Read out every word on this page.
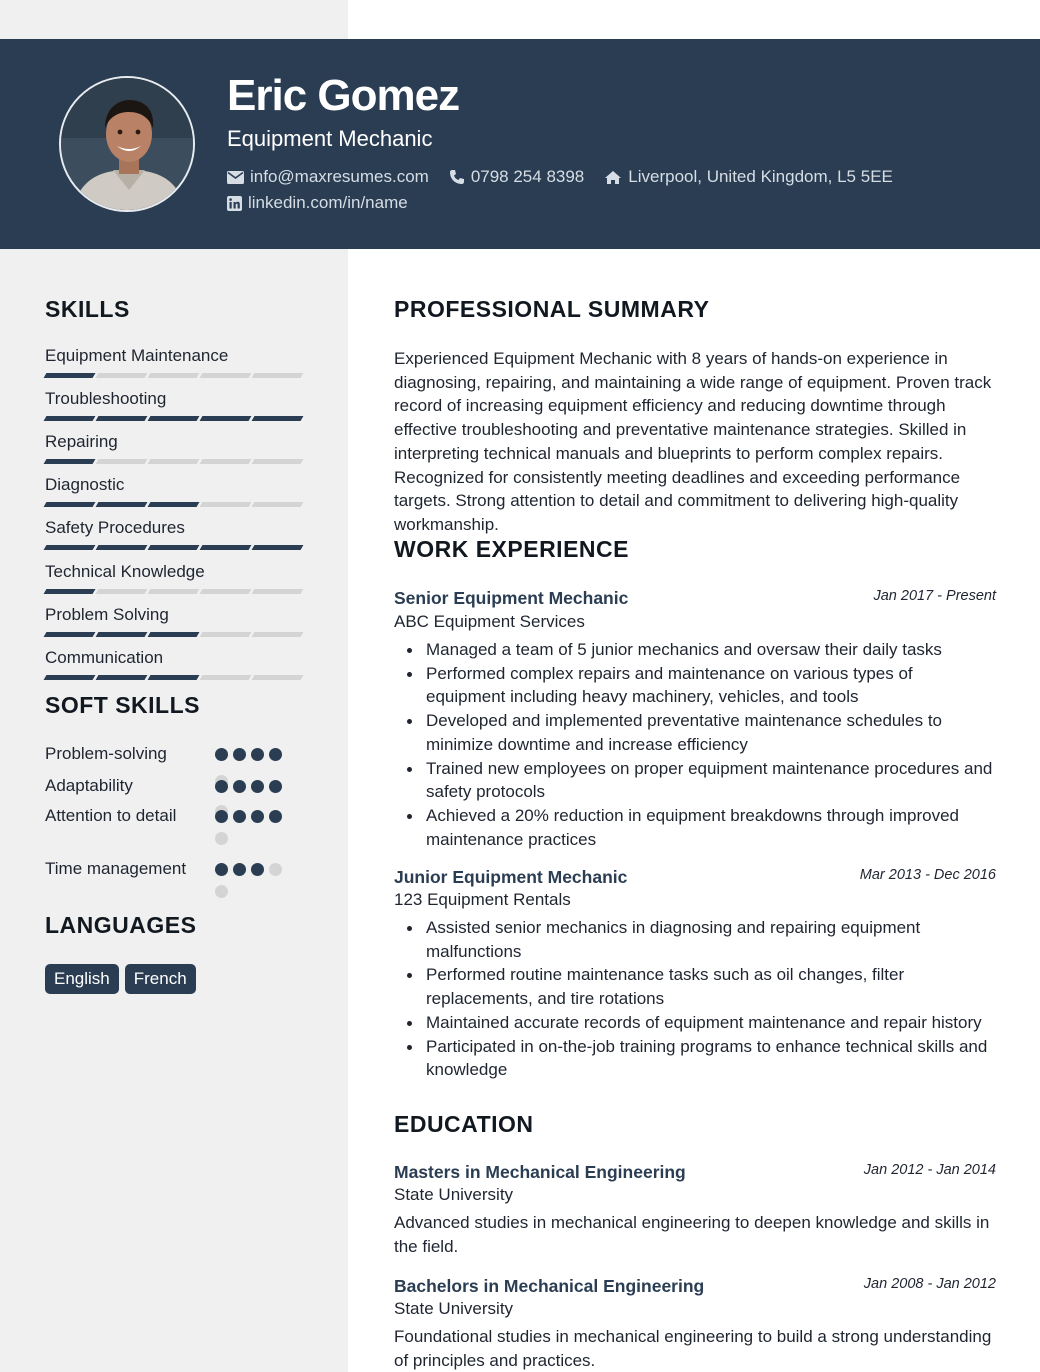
Eric Gomez
Equipment Mechanic
info@maxresumes.com 0798 254 8398	Liverpool, United Kingdom, L5 5EE
linkedin.com/in/name
SKILLS
Equipment Maintenance
Troubleshooting
Repairing
Diagnostic
Safety Procedures
Technical Knowledge
Problem Solving
Communication
SOFT SKILLS
Problem-solving
Adaptability
Attention to detail
Time management
LANGUAGES
English	French
PROFESSIONAL SUMMARY
Experienced Equipment Mechanic with 8 years of hands-on experience in diagnosing, repairing, and maintaining a wide range of equipment. Proven track record of increasing equipment efficiency and reducing downtime through effective troubleshooting and preventative maintenance strategies. Skilled in interpreting technical manuals and blueprints to perform complex repairs. Recognized for consistently meeting deadlines and exceeding performance targets. Strong attention to detail and commitment to delivering high-quality workmanship.
WORK EXPERIENCE
Senior Equipment Mechanic	Jan 2017 - Present
ABC Equipment Services
Managed a team of 5 junior mechanics and oversaw their daily tasks
Performed complex repairs and maintenance on various types of equipment including heavy machinery, vehicles, and tools
Developed and implemented preventative maintenance schedules to minimize downtime and increase efficiency
Trained new employees on proper equipment maintenance procedures and safety protocols
Achieved a 20% reduction in equipment breakdowns through improved maintenance practices
Junior Equipment Mechanic	Mar 2013 - Dec 2016
123 Equipment Rentals
Assisted senior mechanics in diagnosing and repairing equipment malfunctions
Performed routine maintenance tasks such as oil changes, filter replacements, and tire rotations
Maintained accurate records of equipment maintenance and repair history
Participated in on-the-job training programs to enhance technical skills and knowledge
EDUCATION
Masters in Mechanical Engineering	Jan 2012 - Jan 2014
State University
Advanced studies in mechanical engineering to deepen knowledge and skills in the field.
Bachelors in Mechanical Engineering	Jan 2008 - Jan 2012
State University
Foundational studies in mechanical engineering to build a strong understanding of principles and practices.
